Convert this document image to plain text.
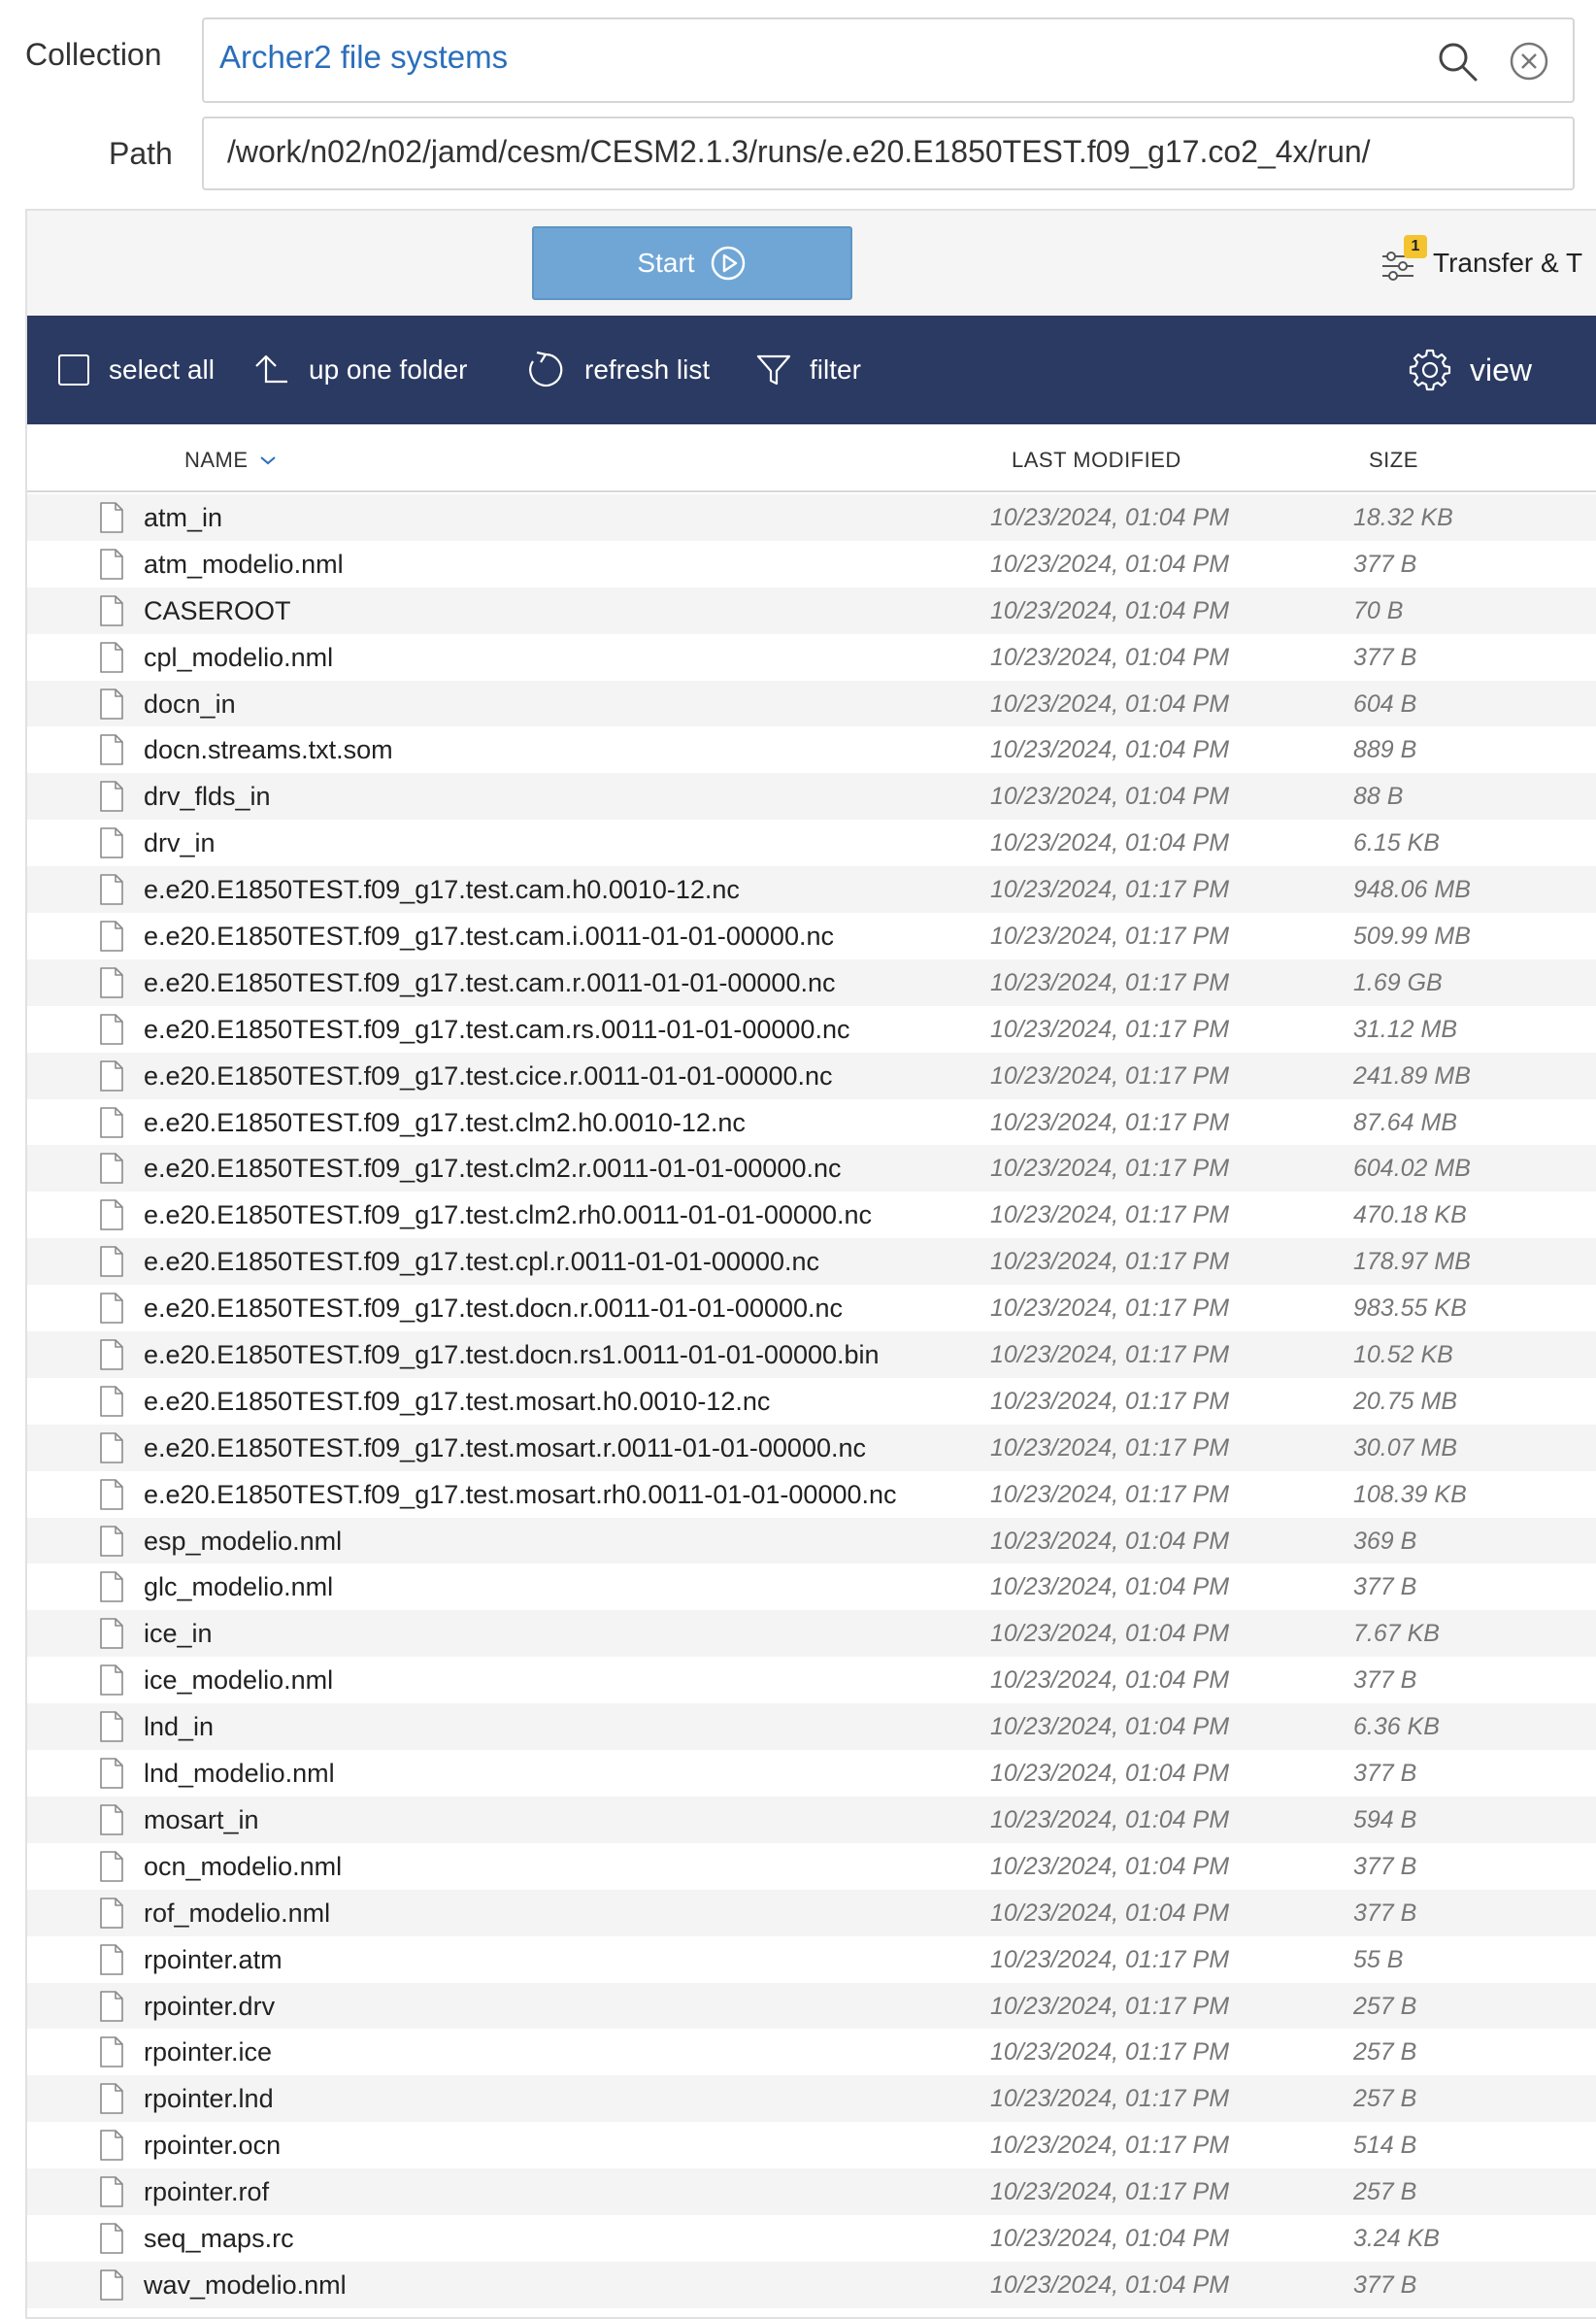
Collection Archer2 file systems
Path /work/n02/n02/jamd/cesm/CESM2.1.3/runs/e.e20.E1850TEST.f09_g17.co2_4x/run/
Start
1
Transfer & T
select all	up one folder	refresh list	filter	view
NAME	LAST MODIFIED	SIZE
atm_in	10/23/2024, 01:04 PM	18.32 KB
atm_modelio.nml	10/23/2024, 01:04 PM	377 B
CASEROOT	10/23/2024, 01:04 PM	70 B
cpl_modelio.nml	10/23/2024, 01:04 PM	377 B
docn_in	10/23/2024, 01:04 PM	604 B
docn.streams.txt.som	10/23/2024, 01:04 PM	889 B
drv_flds_in	10/23/2024, 01:04 PM	88 B
drv_in	10/23/2024, 01:04 PM	6.15 KB
e.e20.E1850TEST.f09_g17.test.cam.h0.0010-12.nc	10/23/2024, 01:17 PM	948.06 MB
e.e20.E1850TEST.f09_g17.test.cam.i.0011-01-01-00000.nc	10/23/2024, 01:17 PM	509.99 MB
e.e20.E1850TEST.f09_g17.test.cam.r.0011-01-01-00000.nc	10/23/2024, 01:17 PM	1.69 GB
e.e20.E1850TEST.f09_g17.test.cam.rs.0011-01-01-00000.nc	10/23/2024, 01:17 PM	31.12 MB
e.e20.E1850TEST.f09_g17.test.cice.r.0011-01-01-00000.nc	10/23/2024, 01:17 PM	241.89 MB
e.e20.E1850TEST.f09_g17.test.clm2.h0.0010-12.nc	10/23/2024, 01:17 PM	87.64 MB
e.e20.E1850TEST.f09_g17.test.clm2.r.0011-01-01-00000.nc	10/23/2024, 01:17 PM	604.02 MB
e.e20.E1850TEST.f09_g17.test.clm2.rh0.0011-01-01-00000.nc	10/23/2024, 01:17 PM	470.18 KB
e.e20.E1850TEST.f09_g17.test.cpl.r.0011-01-01-00000.nc	10/23/2024, 01:17 PM	178.97 MB
e.e20.E1850TEST.f09_g17.test.docn.r.0011-01-01-00000.nc	10/23/2024, 01:17 PM	983.55 KB
e.e20.E1850TEST.f09_g17.test.docn.rs1.0011-01-01-00000.bin	10/23/2024, 01:17 PM	10.52 KB
e.e20.E1850TEST.f09_g17.test.mosart.h0.0010-12.nc	10/23/2024, 01:17 PM	20.75 MB
e.e20.E1850TEST.f09_g17.test.mosart.r.0011-01-01-00000.nc	10/23/2024, 01:17 PM	30.07 MB
e.e20.E1850TEST.f09_g17.test.mosart.rh0.0011-01-01-00000.nc	10/23/2024, 01:17 PM	108.39 KB
esp_modelio.nml	10/23/2024, 01:04 PM	369 B
glc_modelio.nml	10/23/2024, 01:04 PM	377 B
ice_in	10/23/2024, 01:04 PM	7.67 KB
ice_modelio.nml	10/23/2024, 01:04 PM	377 B
lnd_in	10/23/2024, 01:04 PM	6.36 KB
lnd_modelio.nml	10/23/2024, 01:04 PM	377 B
mosart_in	10/23/2024, 01:04 PM	594 B
ocn_modelio.nml	10/23/2024, 01:04 PM	377 B
rof_modelio.nml	10/23/2024, 01:04 PM	377 B
rpointer.atm	10/23/2024, 01:17 PM	55 B
rpointer.drv	10/23/2024, 01:17 PM	257 B
rpointer.ice	10/23/2024, 01:17 PM	257 B
rpointer.lnd	10/23/2024, 01:17 PM	257 B
rpointer.ocn	10/23/2024, 01:17 PM	514 B
rpointer.rof	10/23/2024, 01:17 PM	257 B
seq_maps.rc	10/23/2024, 01:04 PM	3.24 KB
wav_modelio.nml	10/23/2024, 01:04 PM	377 B
